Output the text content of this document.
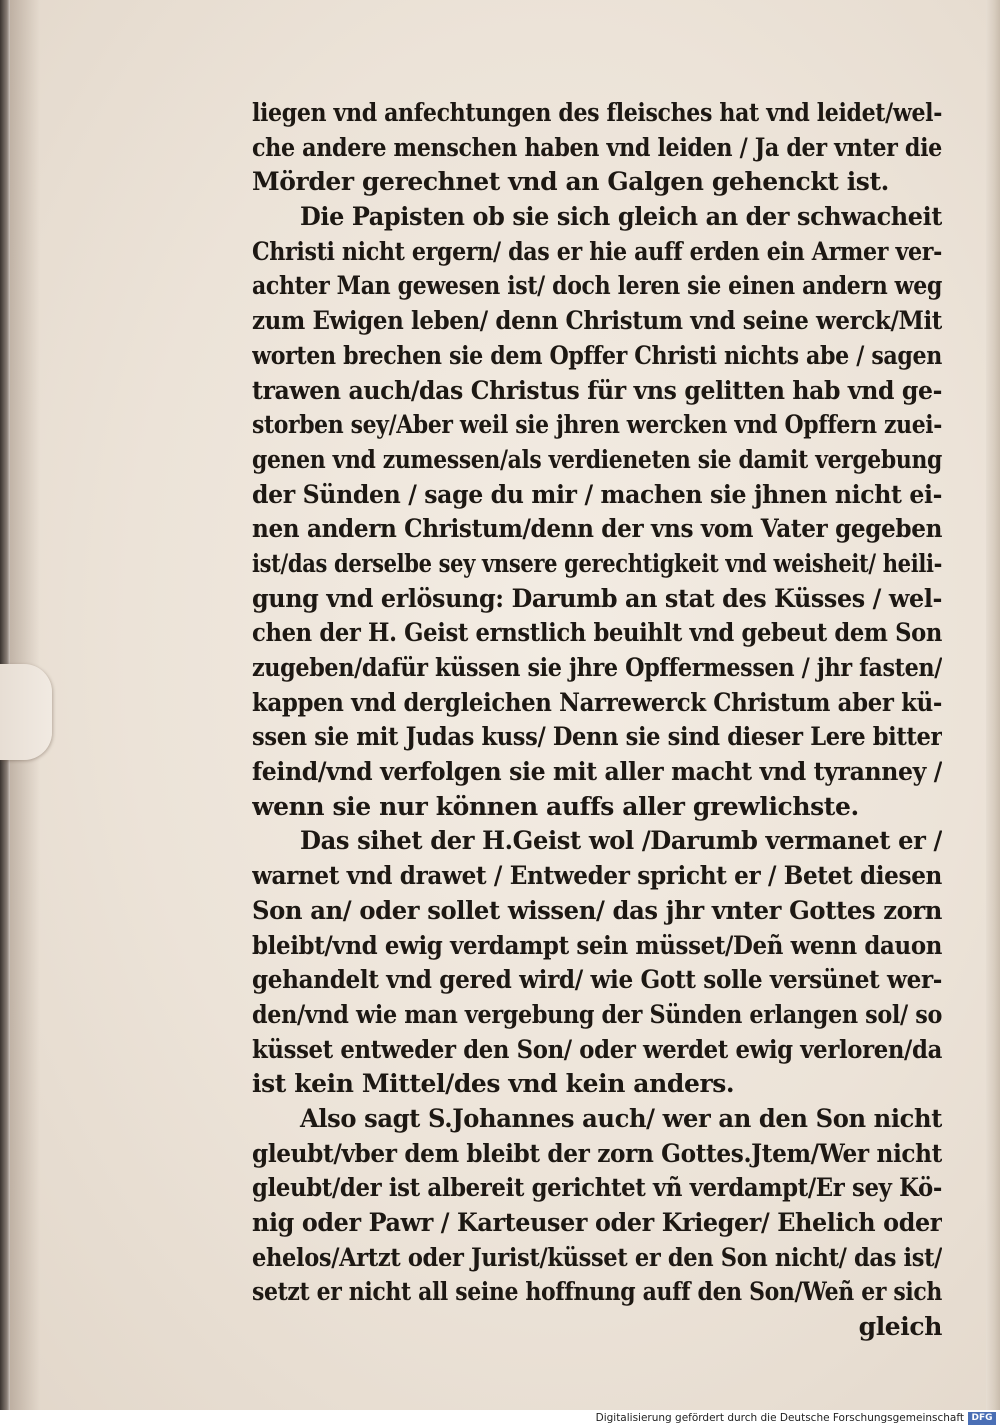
liegen vnd anfechtungen des fleisches hat vnd leidet/wel-
che andere menschen haben vnd leiden / Ja der vnter die
Mörder gerechnet vnd an Galgen gehenckt ist.
Die Papisten ob sie sich gleich an der schwacheit
Christi nicht ergern/ das er hie auff erden ein Armer ver-
achter Man gewesen ist/ doch leren sie einen andern weg
zum Ewigen leben/ denn Christum vnd seine werck/Mit
worten brechen sie dem Opffer Christi nichts abe / sagen
trawen auch/das Christus für vns gelitten hab vnd ge-
storben sey/Aber weil sie jhren wercken vnd Opffern zuei-
genen vnd zumessen/als verdieneten sie damit vergebung
der Sünden / sage du mir / machen sie jhnen nicht ei-
nen andern Christum/denn der vns vom Vater gegeben
ist/das derselbe sey vnsere gerechtigkeit vnd weisheit/ heili-
gung vnd erlösung: Darumb an stat des Küsses / wel-
chen der H. Geist ernstlich beuihlt vnd gebeut dem Son
zugeben/dafür küssen sie jhre Opffermessen / jhr fasten/
kappen vnd dergleichen Narrewerck Christum aber kü-
ssen sie mit Judas kuss/ Denn sie sind dieser Lere bitter
feind/vnd verfolgen sie mit aller macht vnd tyranney /
wenn sie nur können auffs aller grewlichste.
Das sihet der H.Geist wol /Darumb vermanet er /
warnet vnd drawet / Entweder spricht er / Betet diesen
Son an/ oder sollet wissen/ das jhr vnter Gottes zorn
bleibt/vnd ewig verdampt sein müsset/Deñ wenn dauon
gehandelt vnd gered wird/ wie Gott solle versünet wer-
den/vnd wie man vergebung der Sünden erlangen sol/ so
küsset entweder den Son/ oder werdet ewig verloren/da
ist kein Mittel/des vnd kein anders.
Also sagt S.Johannes auch/ wer an den Son nicht
gleubt/vber dem bleibt der zorn Gottes.Jtem/Wer nicht
gleubt/der ist albereit gerichtet vñ verdampt/Er sey Kö-
nig oder Pawr / Karteuser oder Krieger/ Ehelich oder
ehelos/Artzt oder Jurist/küsset er den Son nicht/ das ist/
setzt er nicht all seine hoffnung auff den Son/Weñ er sich
gleich
Digitalisierung gefördert durch die Deutsche Forschungsgemeinschaft DFG
